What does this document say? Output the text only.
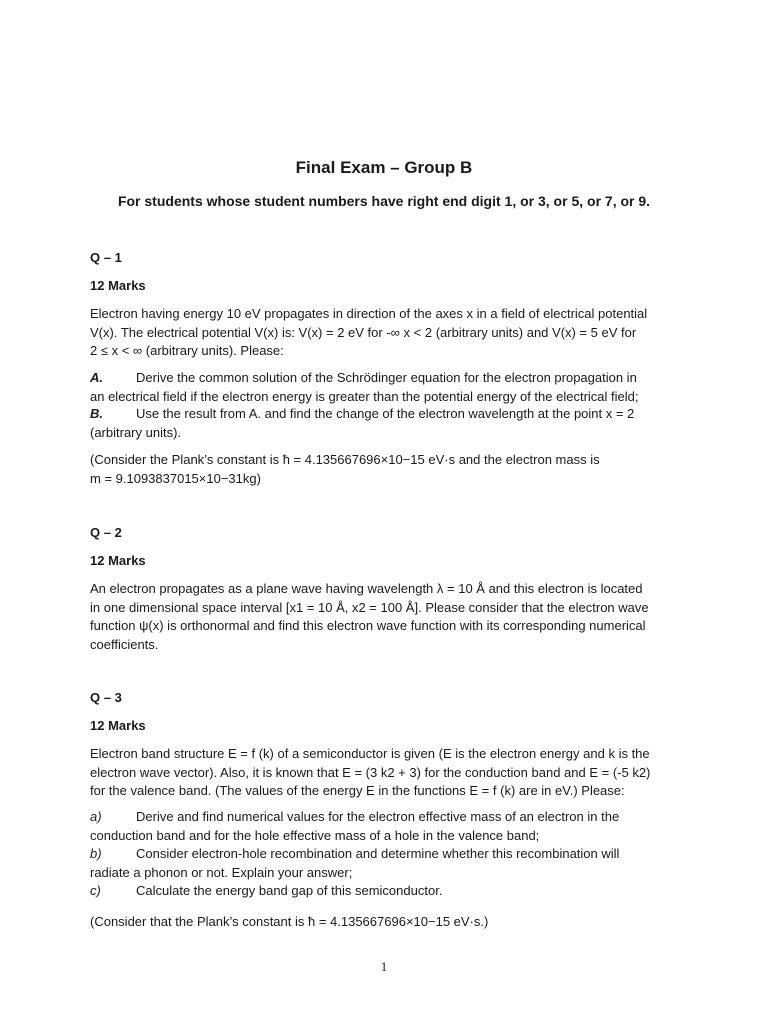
Final Exam – Group B

For students whose student numbers have right end digit 1, or 3, or 5, or 7, or 9.

Q – 1

12 Marks

Electron having energy 10 eV propagates in direction of the axes x in a field of electrical potential
V(x). The electrical potential V(x) is: V(x) = 2 eV for -∞ x < 2 (arbitrary units) and V(x) = 5 eV for
2 ≤ x < ∞ (arbitrary units). Please:

A.	Derive the common solution of the Schrödinger equation for the electron propagation in
an electrical field if the electron energy is greater than the potential energy of the electrical field;

B.	Use the result from A. and find the change of the electron wavelength at the point x = 2
(arbitrary units).

(Consider the Plank’s constant is ħ = 4.135667696×10−15 eV·s and the electron mass is
m = 9.1093837015×10−31kg)

Q – 2

12 Marks

An electron propagates as a plane wave having wavelength λ = 10 Å and this electron is located
in one dimensional space interval [x1 = 10 Å, x2 = 100 Å]. Please consider that the electron wave
function ψ(x) is orthonormal and find this electron wave function with its corresponding numerical
coefficients.

Q – 3

12 Marks

Electron band structure E = f (k) of a semiconductor is given (E is the electron energy and k is the
electron wave vector). Also, it is known that E = (3 k2 + 3) for the conduction band and E = (-5 k2)
for the valence band. (The values of the energy E in the functions E = f (k) are in eV.) Please:

a)	Derive and find numerical values for the electron effective mass of an electron in the
conduction band and for the hole effective mass of a hole in the valence band;
b)	Consider electron-hole recombination and determine whether this recombination will
radiate a phonon or not. Explain your answer;
c)	Calculate the energy band gap of this semiconductor.

(Consider that the Plank’s constant is ħ = 4.135667696×10−15 eV·s.)

1
